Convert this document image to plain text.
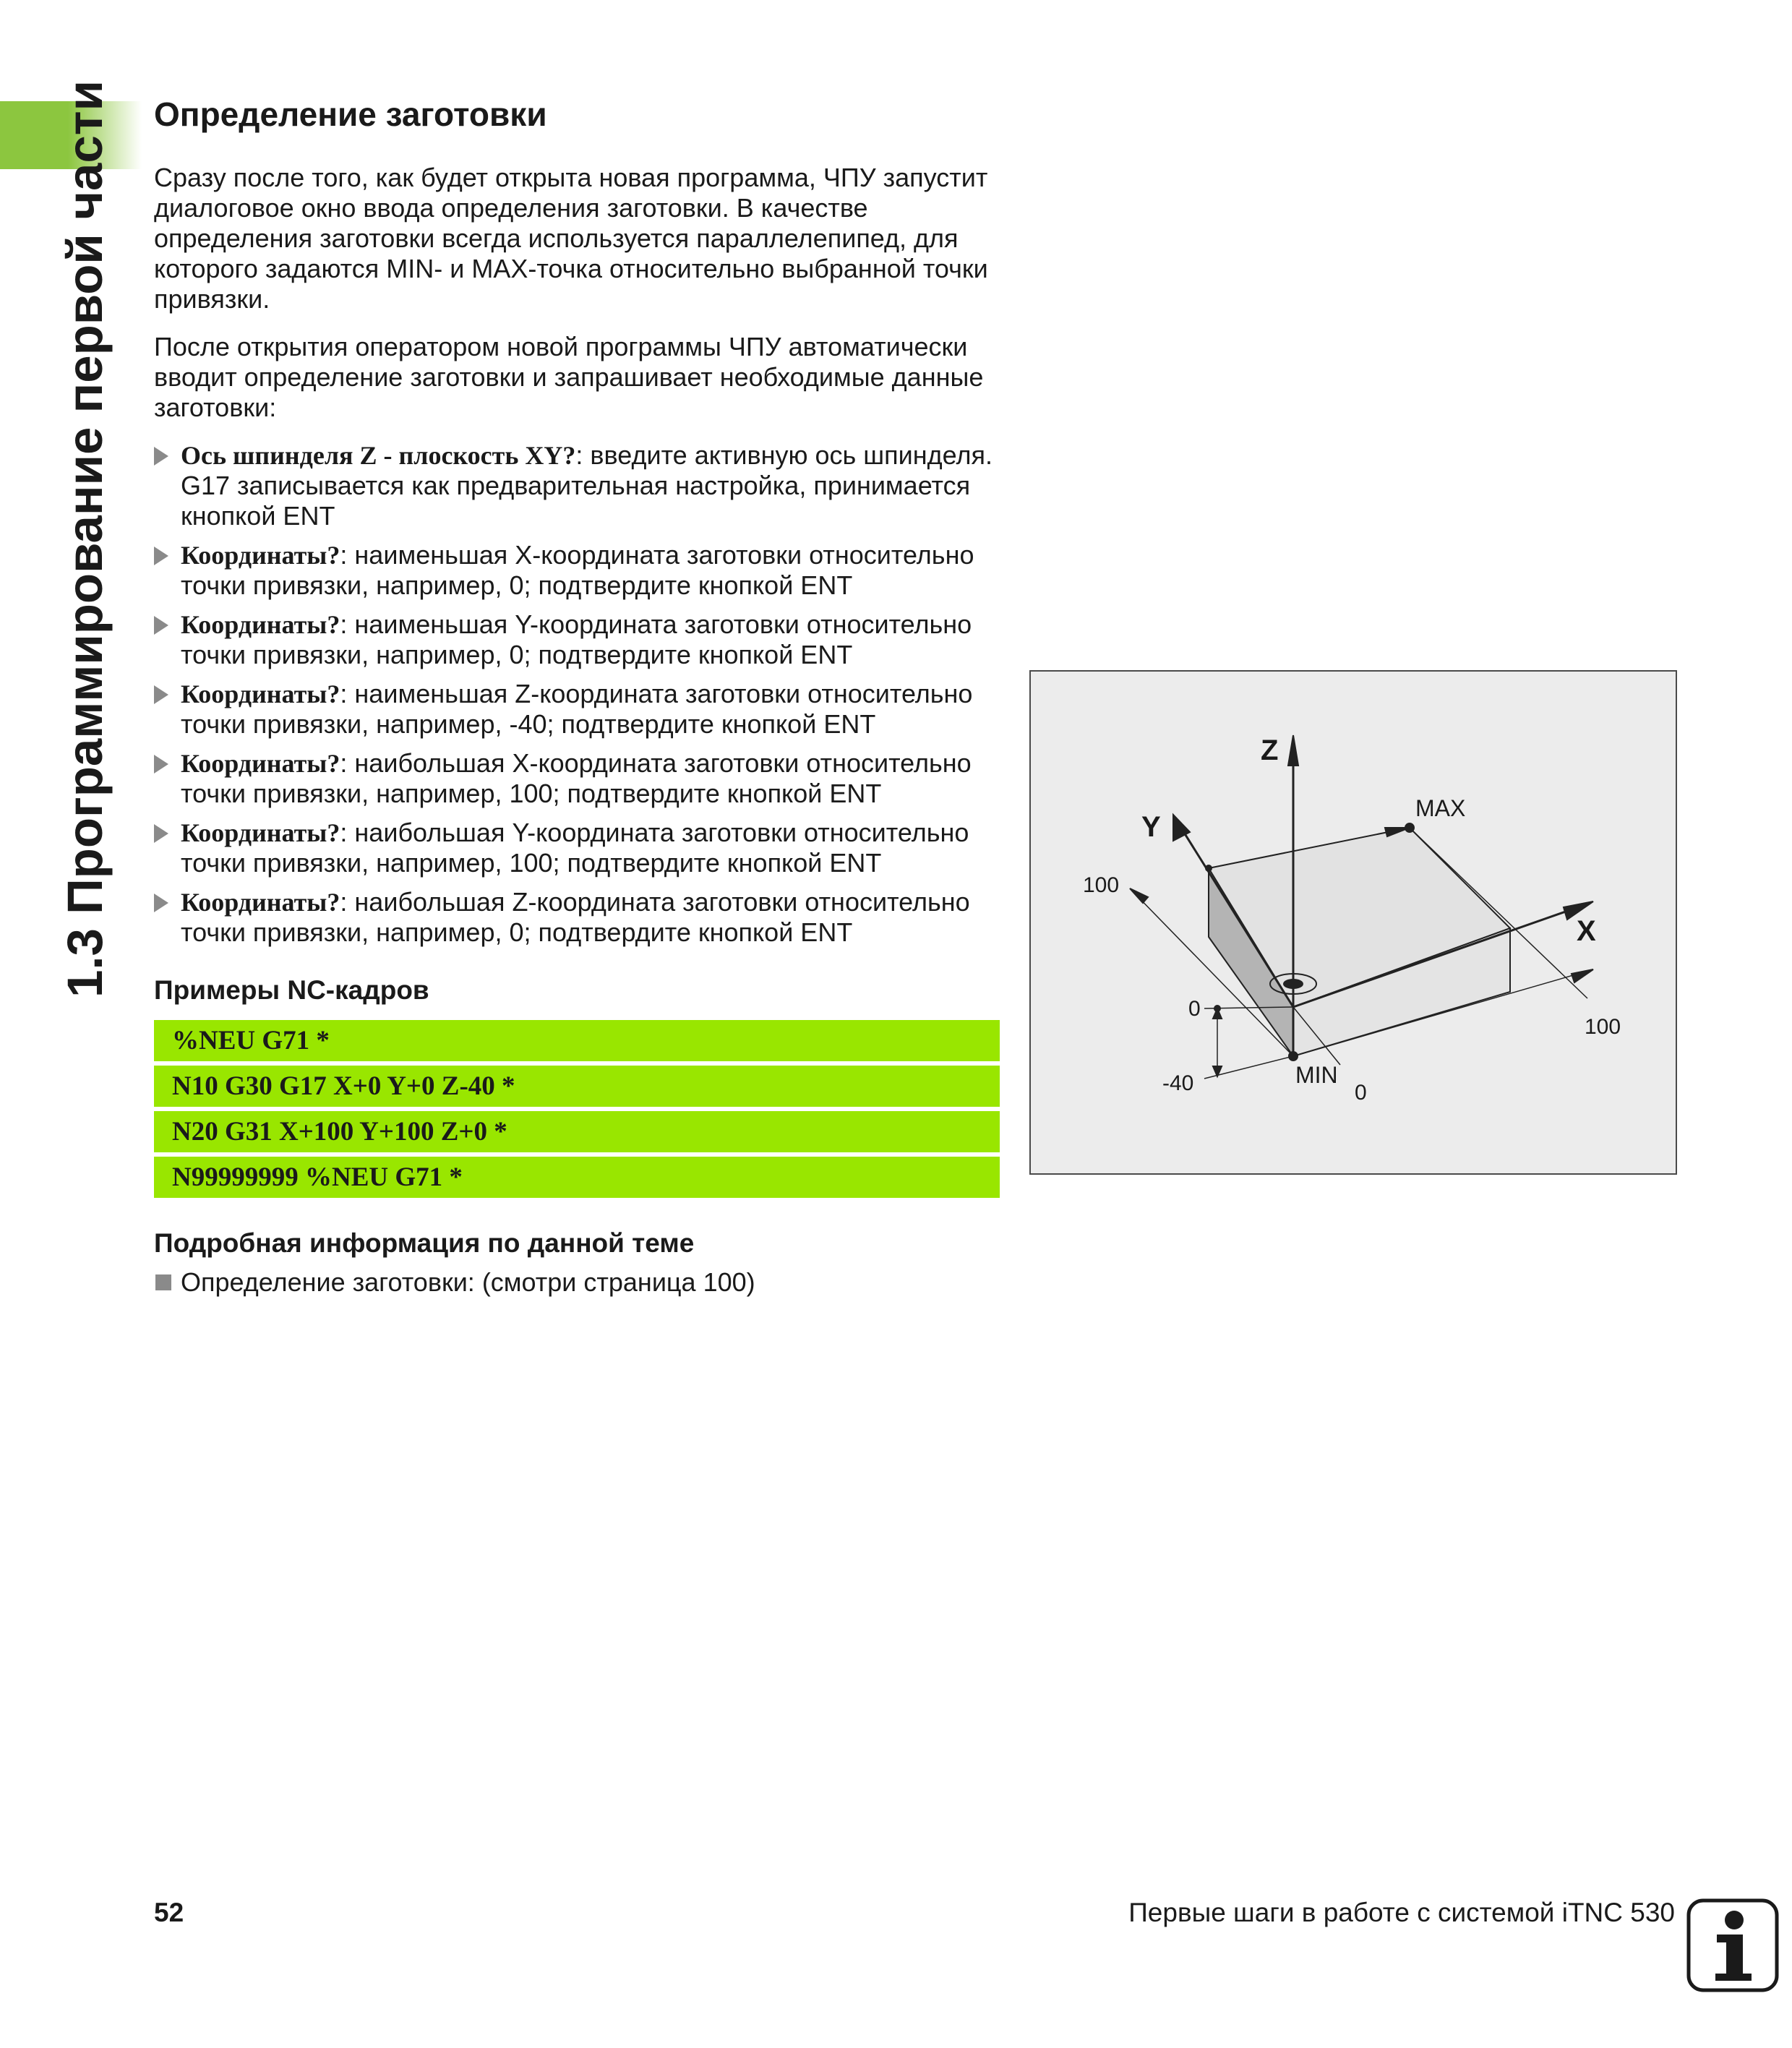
1.3 Программирование первой части Определение заготовки

Сразу после того, как будет открыта новая программа, ЧПУ запустит диалоговое окно ввода определения заготовки. В качестве определения заготовки всегда используется параллелепипед, для которого задаются MIN- и MAX-точка относительно выбранной точки привязки.

После открытия оператором новой программы ЧПУ автоматически вводит определение заготовки и запрашивает необходимые данные заготовки:

Ось шпинделя Z - плоскость XY?: введите активную ось шпинделя. G17 записывается как предварительная настройка, принимается кнопкой ENT
Координаты?: наименьшая X-координата заготовки относительно точки привязки, например, 0; подтвердите кнопкой ENT
Координаты?: наименьшая Y-координата заготовки относительно точки привязки, например, 0; подтвердите кнопкой ENT
Координаты?: наименьшая Z-координата заготовки относительно точки привязки, например, -40; подтвердите кнопкой ENT
Координаты?: наибольшая X-координата заготовки относительно точки привязки, например, 100; подтвердите кнопкой ENT
Координаты?: наибольшая Y-координата заготовки относительно точки привязки, например, 100; подтвердите кнопкой ENT
Координаты?: наибольшая Z-координата заготовки относительно точки привязки, например, 0; подтвердите кнопкой ENT
Примеры NC-кадров
%NEU G71 *
N10 G30 G17 X+0 Y+0 Z-40 *
N20 G31 X+100 Y+100 Z+0 *
N99999999 %NEU G71 *
Подробная информация по данной теме
Определение заготовки: (смотри страница 100)
Z
Y
X
MAX
MIN
100
0
-40	0
100
52	Первые шаги в работе с системой iTNC 530
